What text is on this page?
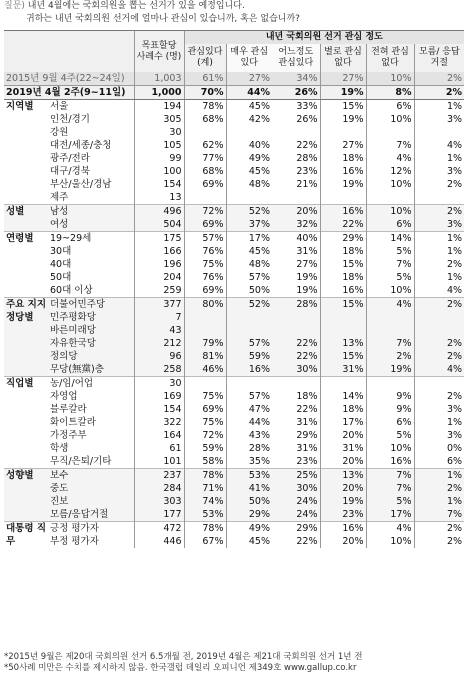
질문) 내년 4월에는 국회의원을 뽑는 선거가 있을 예정입니다.
귀하는 내년 국회의원 선거에 얼마나 관심이 있습니까, 혹은 없습니까?
		목표할당 사례수 (명)	내년 국회의원 선거 관심 정도					
			관심있다 (계)	매우 관심있다	어느정도 관심있다	별로 관심없다	전혀 관심없다	모름/ 응답거절
2015년 9월 4주(22~24일)		1,003	61%	27%	34%	27%	10%	2%
2019년 4월 2주(9~11일)		1,000	70%	44%	26%	19%	8%	2%
지역별	서울	194	78%	45%	33%	15%	6%	1%
	인천/경기	305	68%	42%	26%	19%	10%	3%
	강원	30						
	대전/세종/충청	105	62%	40%	22%	27%	7%	4%
	광주/전라	99	77%	49%	28%	18%	4%	1%
	대구/경북	100	68%	45%	23%	16%	12%	3%
	부산/울산/경남	154	69%	48%	21%	19%	10%	2%
	제주	13						
성별	남성	496	72%	52%	20%	16%	10%	2%
	여성	504	69%	37%	32%	22%	6%	3%
연령별	19~29세	175	57%	17%	40%	29%	14%	1%
	30대	166	76%	45%	31%	18%	5%	1%
	40대	196	75%	48%	27%	15%	7%	2%
	50대	204	76%	57%	19%	18%	5%	1%
	60대 이상	259	69%	50%	19%	16%	10%	4%
주요 지지 정당별	더불어민주당	377	80%	52%	28%	15%	4%	2%
	민주평화당	7						
	바른미래당	43						
	자유한국당	212	79%	57%	22%	13%	7%	2%
	정의당	96	81%	59%	22%	15%	2%	2%
	무당(無黨)층	258	46%	16%	30%	31%	19%	4%
직업별	농/임/어업	30						
	자영업	169	75%	57%	18%	14%	9%	2%
	블루칼라	154	69%	47%	22%	18%	9%	3%
	화이트칼라	322	75%	44%	31%	17%	6%	1%
	가정주부	164	72%	43%	29%	20%	5%	3%
	학생	61	59%	28%	31%	31%	10%	0%
	무직/은퇴/기타	101	58%	35%	23%	20%	16%	6%
성향별	보수	237	78%	53%	25%	13%	7%	1%
	중도	284	71%	41%	30%	20%	7%	2%
	진보	303	74%	50%	24%	19%	5%	1%
	모름/응답거절	177	53%	29%	24%	23%	17%	7%
대통령 직무	긍정 평가자	472	78%	49%	29%	16%	4%	2%
	부정 평가자	446	67%	45%	22%	20%	10%	2%
*2015년 9월은 제20대 국회의원 선거 6.5개월 전, 2019년 4월은 제21대 국회의원 선거 1년 전
*50사례 미만은 수치를 제시하지 않음. 한국갤럽 데일리 오피니언 제349호 www.gallup.co.kr
